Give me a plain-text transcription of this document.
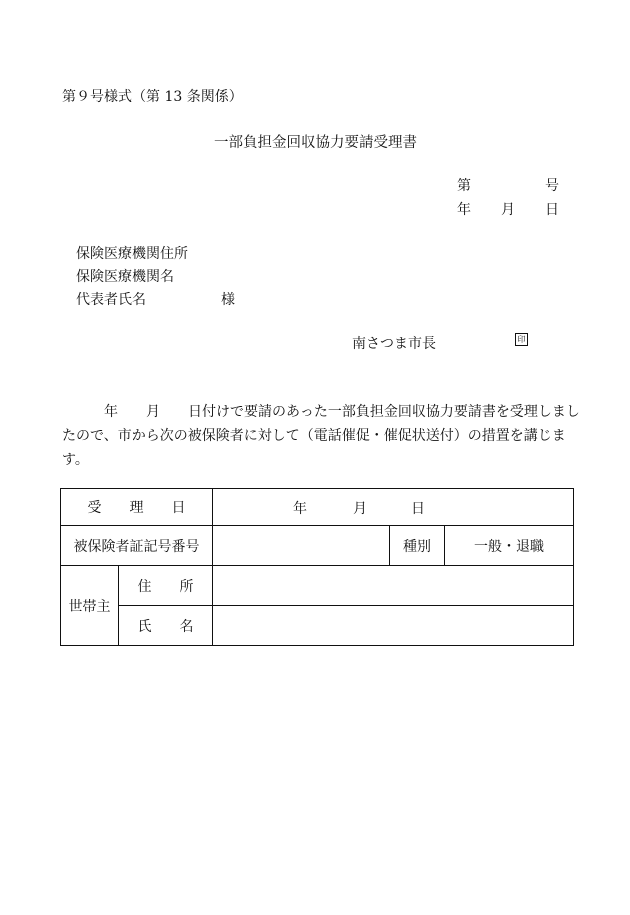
第９号様式（第 13 条関係）
一部負担金回収協力要請受理書
第	号
年 月 日
保険医療機関住所
保険医療機関名
代表者氏名	様
南さつま市長	印
　　　年　　 月　　 日付けで要請のあった一部負担金回収協力要請書を受理しましたので、市から次の被保険者に対して（電話催促・催促状送付）の措置を講じます。
受　　理　　日		年 月 日		

被保険者証記号番号			種別	一般・退職
世帯主	住　　所			
	氏　　名			
